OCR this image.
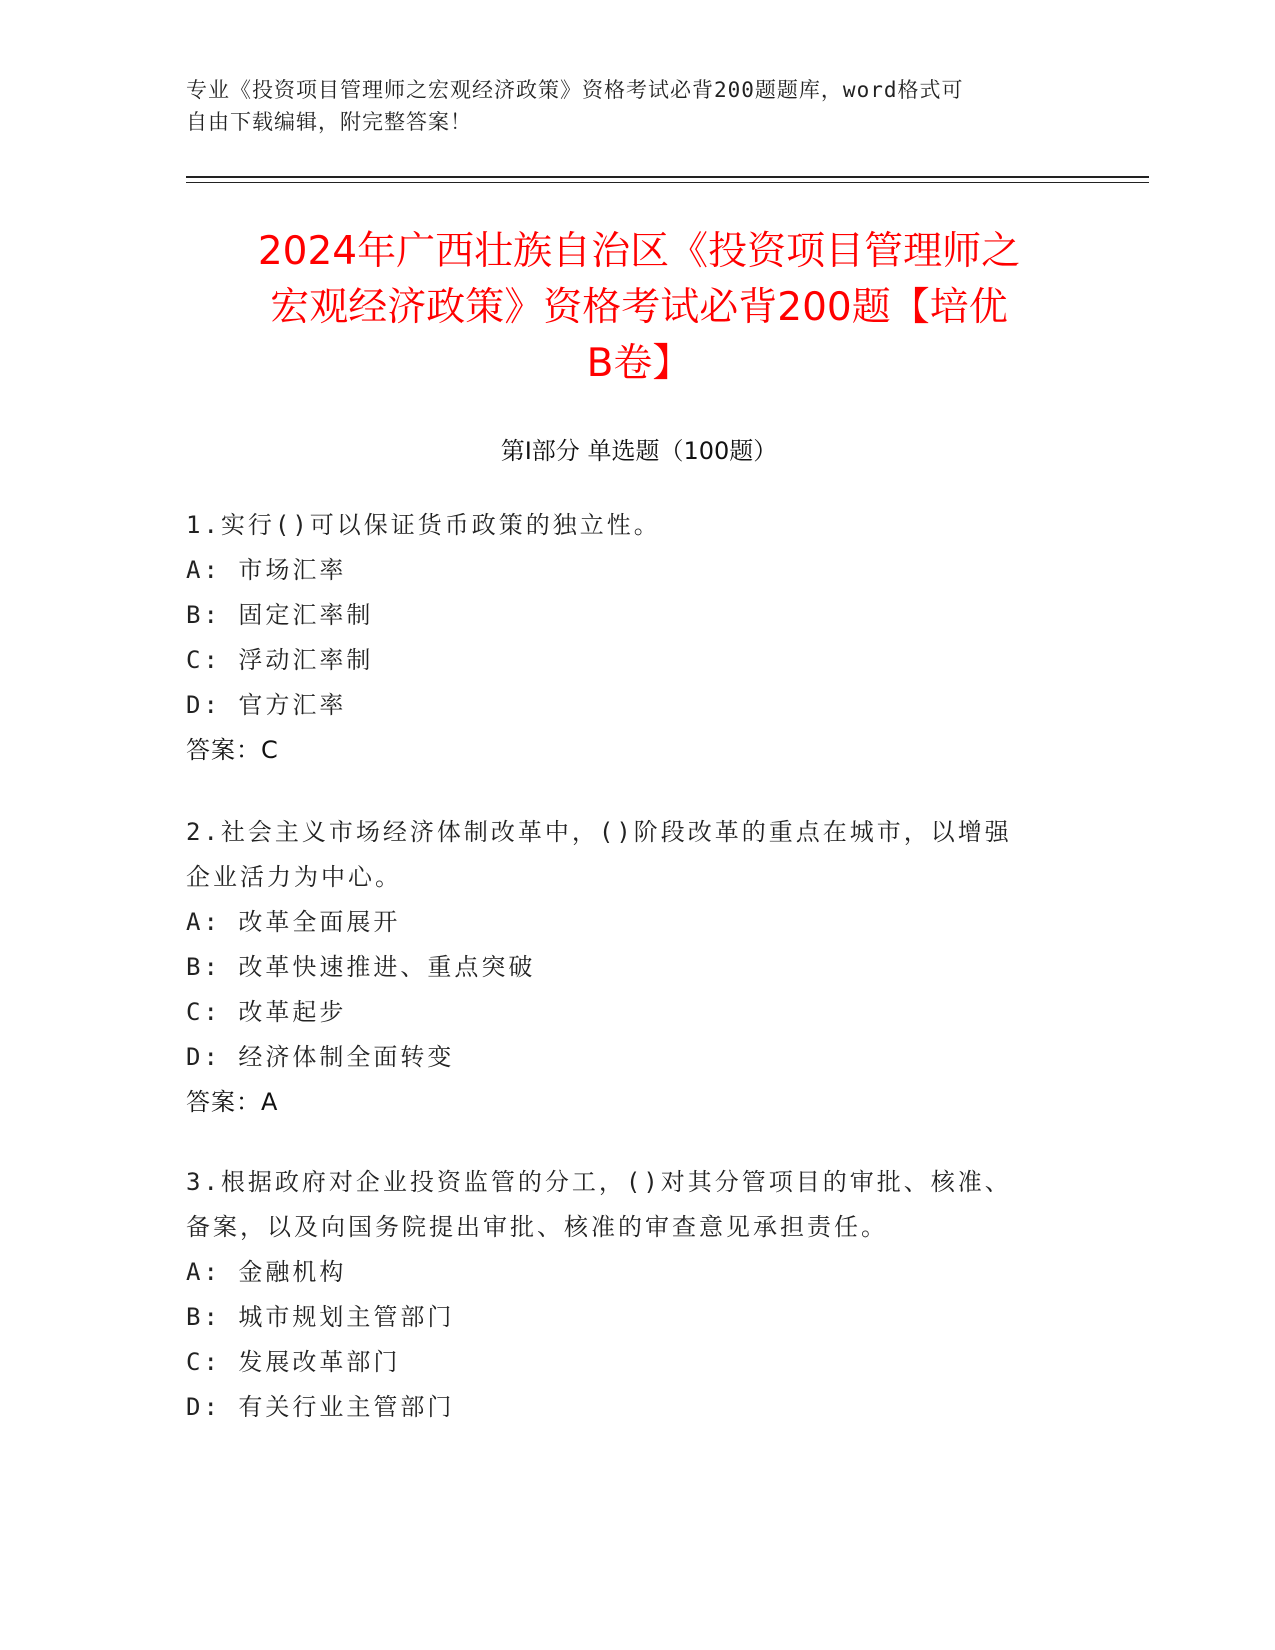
专业《投资项目管理师之宏观经济政策》资格考试必背200题题库，word格式可
自由下载编辑，附完整答案！
2024年广西壮族自治区《投资项目管理师之
宏观经济政策》资格考试必背200题【培优
B卷】
第Ⅰ部分 单选题（100题）
1.实行()可以保证货币政策的独立性。
A: 市场汇率
B: 固定汇率制
C: 浮动汇率制
D: 官方汇率
答案：C
2.社会主义市场经济体制改革中，()阶段改革的重点在城市，以增强
企业活力为中心。
A: 改革全面展开
B: 改革快速推进、重点突破
C: 改革起步
D: 经济体制全面转变
答案：A
3.根据政府对企业投资监管的分工，()对其分管项目的审批、核准、
备案，以及向国务院提出审批、核准的审查意见承担责任。
A: 金融机构
B: 城市规划主管部门
C: 发展改革部门
D: 有关行业主管部门
